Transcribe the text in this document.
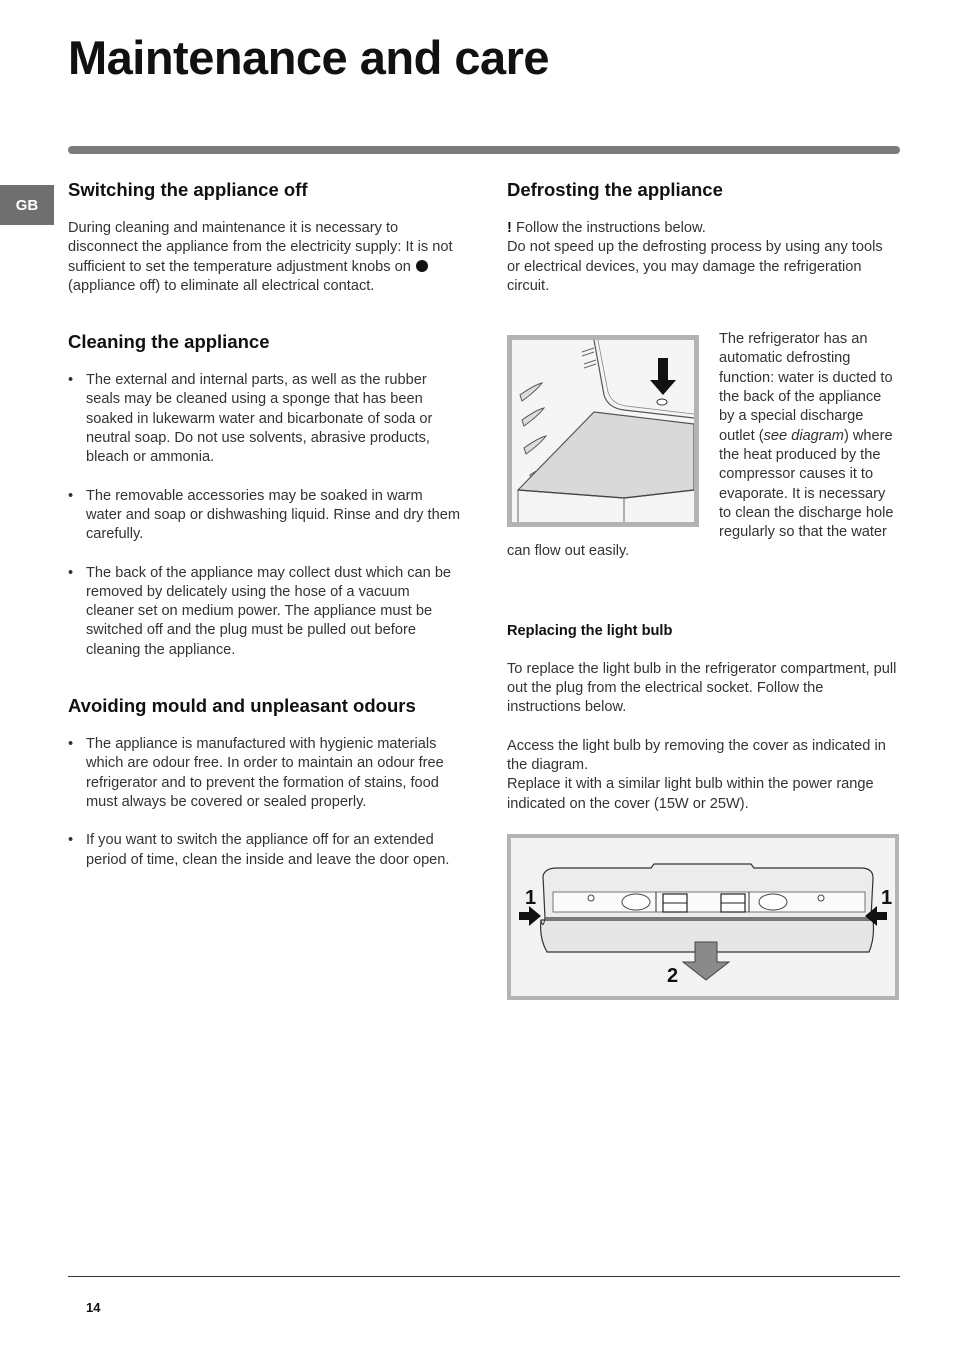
Maintenance and care
GB
Switching the appliance off

During cleaning and maintenance it is necessary to disconnect the appliance from the electricity supply: It is not sufficient to set the temperature adjustment knobs on  (appliance off) to eliminate all electrical contact.

Cleaning the appliance
• The external and internal parts, as well as the rubber seals may be cleaned using a sponge that has been soaked in lukewarm water and bicarbonate of soda or neutral soap. Do not use solvents, abrasive products, bleach or ammonia.
• The removable accessories may be soaked in warm water and soap or dishwashing liquid. Rinse and dry them carefully.
• The back of the appliance may collect dust which can be removed by delicately using the hose of a vacuum cleaner set on medium power. The appliance must be switched off and the plug must be pulled out before cleaning the appliance.
Avoiding mould and unpleasant odours
• The appliance is manufactured with hygienic materials which are odour free. In order to maintain an odour free refrigerator and to prevent the formation of stains, food must always be covered or sealed properly.
• If you want to switch the appliance off for an extended period of time, clean the inside and leave the door open.
Defrosting the appliance

! Follow the instructions below.
Do not speed up the defrosting process by using any tools or electrical devices, you may damage the refrigeration circuit.

The refrigerator has an automatic defrosting function: water is ducted to the back of the appliance by a special discharge outlet (see diagram) where the heat produced by the compressor causes it to evaporate. It is necessary to clean the discharge hole regularly so that the water can flow out easily.

Replacing the light bulb

To replace the light bulb in the refrigerator compartment, pull out the plug from the electrical socket. Follow the instructions below.

Access the light bulb by removing the cover as indicated in the diagram.
Replace it with a similar light bulb within the power range indicated on the cover (15W or 25W).

1	1
2
14
